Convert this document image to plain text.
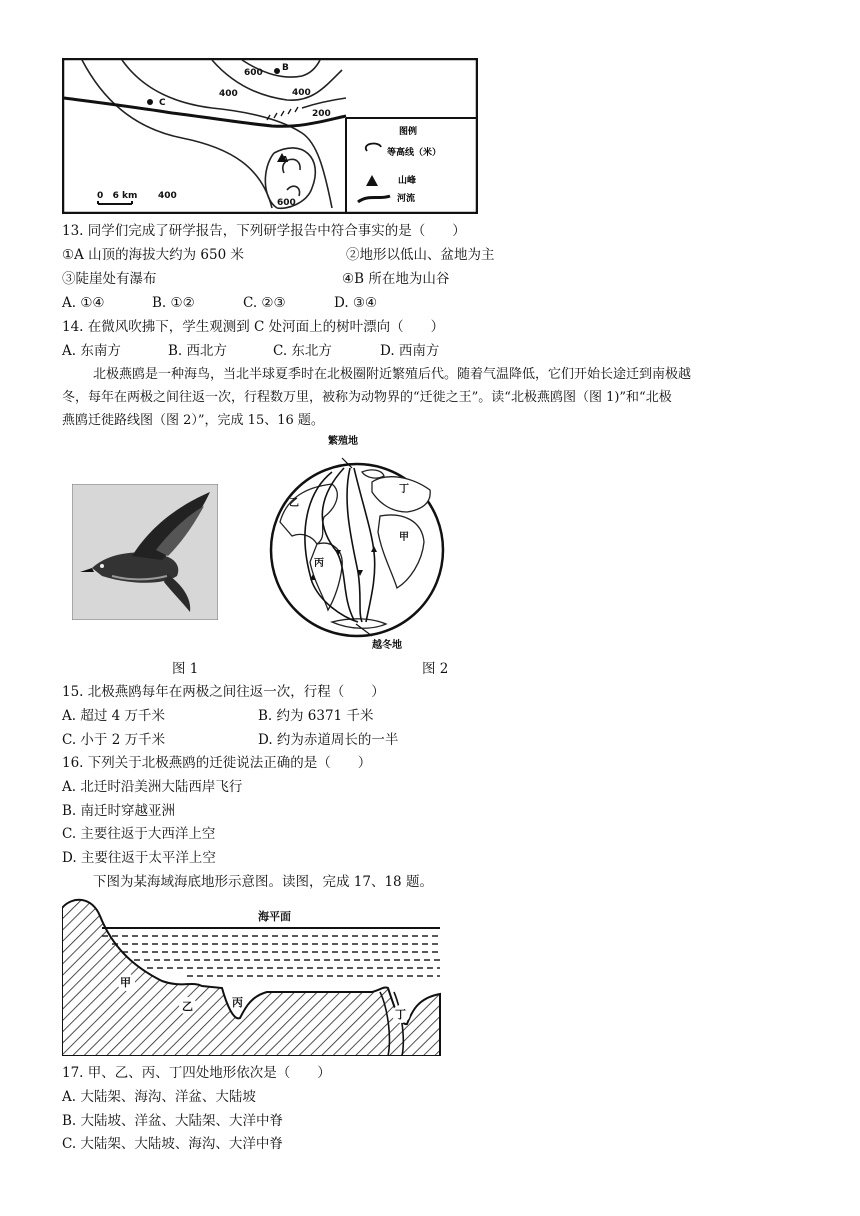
600 B
400	400
200
C
A
400
600
0   6 km
图例
等高线（米）
山峰
河流
13. 同学们完成了研学报告，下列研学报告中符合事实的是（　　）
①A 山顶的海拔大约为 650 米	②地形以低山、盆地为主
③陡崖处有瀑布	④B 所在地为山谷
A. ①④	B. ①②	C. ②③	D. ③④
14. 在微风吹拂下，学生观测到 C 处河面上的树叶漂向（　　）
A. 东南方	B. 西北方	C. 东北方	D. 西南方
北极燕鸥是一种海鸟，当北半球夏季时在北极圈附近繁殖后代。随着气温降低，它们开始长途迁到南极越
冬，每年在两极之间往返一次，行程数万里，被称为动物界的“迁徙之王”。读“北极燕鸥图（图 1)”和“北极
燕鸥迁徙路线图（图 2）”，完成 15、16 题。
繁殖地
越冬地
乙
丁
甲
丙
图 1	图 2
15. 北极燕鸥每年在两极之间往返一次，行程（　　）
A. 超过 4 万千米	B. 约为 6371 千米
C. 小于 2 万千米	D. 约为赤道周长的一半
16. 下列关于北极燕鸥的迁徙说法正确的是（　　）
A. 北迁时沿美洲大陆西岸飞行
B. 南迁时穿越亚洲
C. 主要往返于大西洋上空
D. 主要往返于太平洋上空
下图为某海域海底地形示意图。读图，完成 17、18 题。
甲
乙	丙
丁
海平面
17. 甲、乙、丙、丁四处地形依次是（　　）
A. 大陆架、海沟、洋盆、大陆坡
B. 大陆坡、洋盆、大陆架、大洋中脊
C. 大陆架、大陆坡、海沟、大洋中脊
